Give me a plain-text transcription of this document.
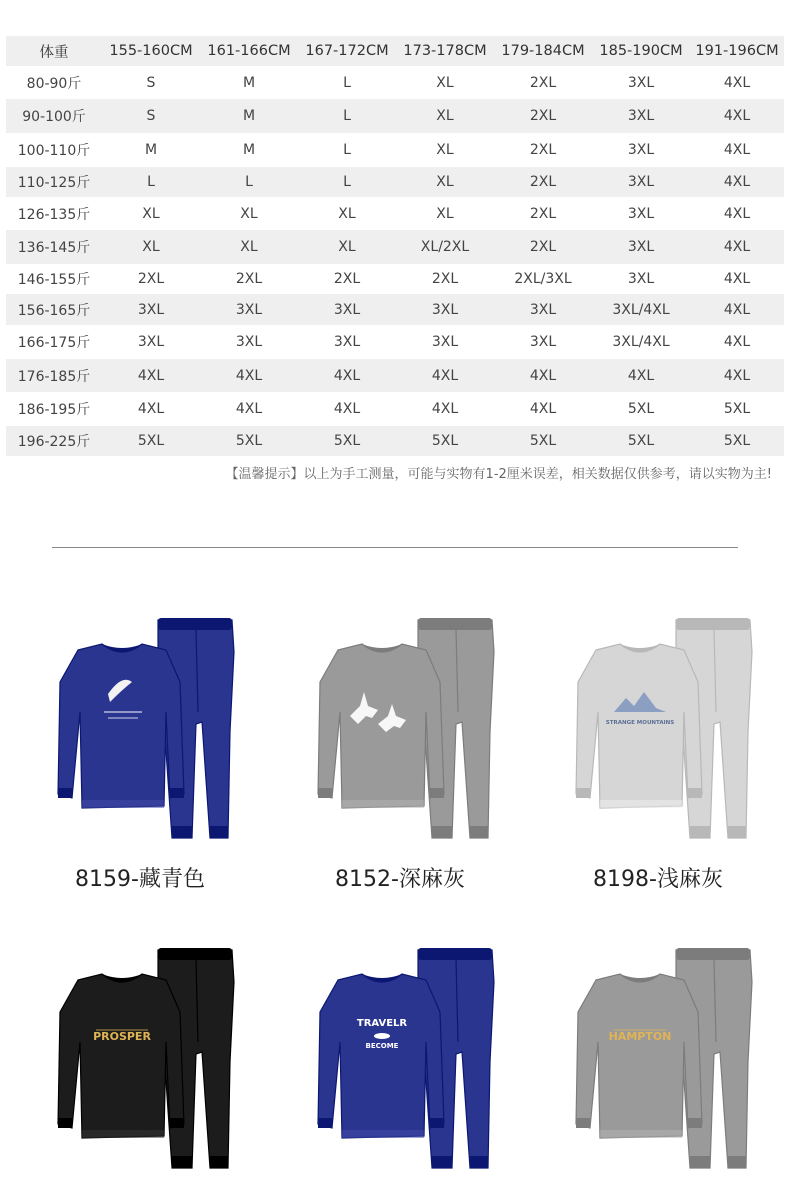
体重	155-160CM	161-166CM	167-172CM	173-178CM	179-184CM	185-190CM	191-196CM
80-90斤	S	M	L	XL	2XL	3XL	4XL
90-100斤	S	M	L	XL	2XL	3XL	4XL
100-110斤	M	M	L	XL	2XL	3XL	4XL
110-125斤	L	L	L	XL	2XL	3XL	4XL
126-135斤	XL	XL	XL	XL	2XL	3XL	4XL
136-145斤	XL	XL	XL	XL/2XL	2XL	3XL	4XL
146-155斤	2XL	2XL	2XL	2XL	2XL/3XL	3XL	4XL
156-165斤	3XL	3XL	3XL	3XL	3XL	3XL/4XL	4XL
166-175斤	3XL	3XL	3XL	3XL	3XL	3XL/4XL	4XL
176-185斤	4XL	4XL	4XL	4XL	4XL	4XL	4XL
186-195斤	4XL	4XL	4XL	4XL	4XL	5XL	5XL
196-225斤	5XL	5XL	5XL	5XL	5XL	5XL	5XL
【温馨提示】以上为手工测量，可能与实物有1-2厘米误差，相关数据仅供参考，请以实物为主!
8159-藏青色	8152-深麻灰
STRANGE MOUNTAINS
8198-浅麻灰
PROSPER
TRAVELR
BECOME
HAMPTON
